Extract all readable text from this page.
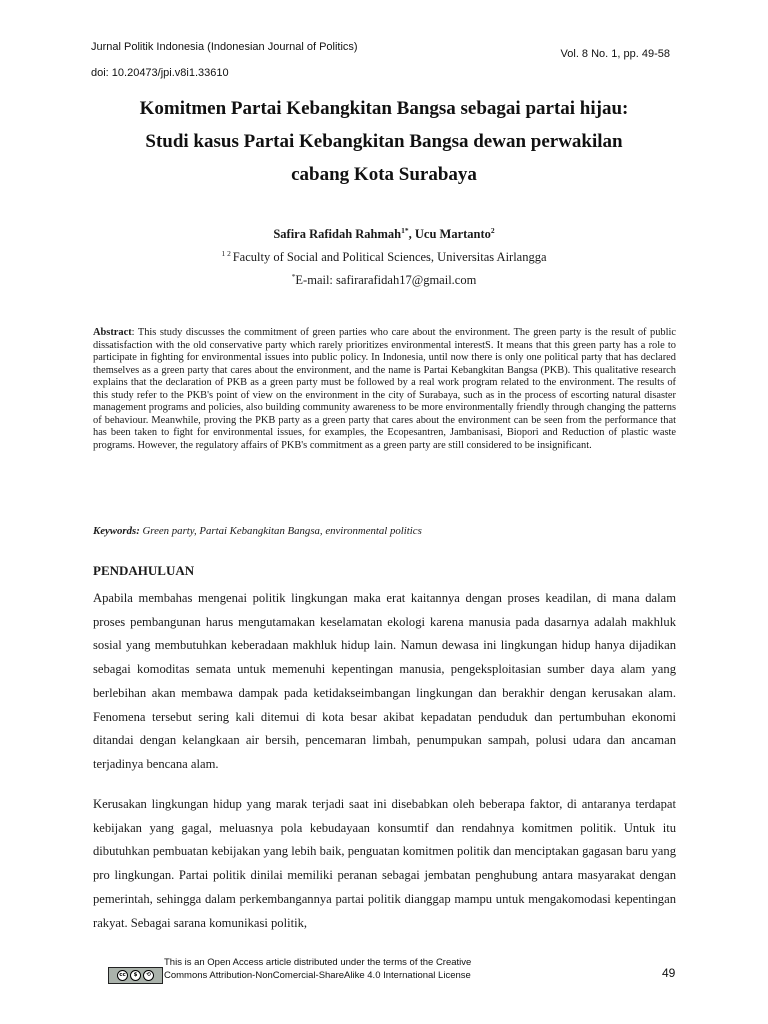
Jurnal Politik Indonesia (Indonesian Journal of Politics)
Vol. 8 No. 1, pp. 49-58
doi: 10.20473/jpi.v8i1.33610
Komitmen Partai Kebangkitan Bangsa sebagai partai hijau:
Studi kasus Partai Kebangkitan Bangsa dewan perwakilan
cabang Kota Surabaya
Safira Rafidah Rahmah$^{1*}$, Ucu Martanto$^2$
$^{1 2}$ Faculty of Social and Political Sciences, Universitas Airlangga
*E-mail: safirarafidah17@gmail.com
Abstract: This study discusses the commitment of green parties who care about the environment. The green party is the result of public dissatisfaction with the old conservative party which rarely prioritizes environmental interestS. It means that this green party has a role to participate in fighting for environmental issues into public policy. In Indonesia, until now there is only one political party that has declared themselves as a green party that cares about the environment, and the name is Partai Kebangkitan Bangsa (PKB). This qualitative research explains that the declaration of PKB as a green party must be followed by a real work program related to the environment. The results of this study refer to the PKB's point of view on the environment in the city of Surabaya, such as in the process of escorting natural disaster management programs and policies, also building community awareness to be more environmentally friendly through changing the patterns of behaviour. Meanwhile, proving the PKB party as a green party that cares about the environment can be seen from the performance that has been taken to fight for environmental issues, for examples, the Ecopesantren, Jambanisasi, Biopori and Reduction of plastic waste programs. However, the regulatory affairs of PKB's commitment as a green party are still considered to be insignificant.
Keywords: Green party, Partai Kebangkitan Bangsa, environmental politics
PENDAHULUAN
Apabila membahas mengenai politik lingkungan maka erat kaitannya dengan proses keadilan, di mana dalam proses pembangunan harus mengutamakan keselamatan ekologi karena manusia pada dasarnya adalah makhluk sosial yang membutuhkan keberadaan makhluk hidup lain. Namun dewasa ini lingkungan hidup hanya dijadikan sebagai komoditas semata untuk memenuhi kepentingan manusia, pengeksploitasian sumber daya alam yang berlebihan akan membawa dampak pada ketidakseimbangan lingkungan dan berakhir dengan kerusakan alam. Fenomena tersebut sering kali ditemui di kota besar akibat kepadatan penduduk dan pertumbuhan ekonomi ditandai dengan kelangkaan air bersih, pencemaran limbah, penumpukan sampah, polusi udara dan ancaman terjadinya bencana alam.
Kerusakan lingkungan hidup yang marak terjadi saat ini disebabkan oleh beberapa faktor, di antaranya terdapat kebijakan yang gagal, meluasnya pola kebudayaan konsumtif dan rendahnya komitmen politik. Untuk itu dibutuhkan pembuatan kebijakan yang lebih baik, penguatan komitmen politik dan menciptakan gagasan baru yang pro lingkungan. Partai politik dinilai memiliki peranan sebagai jembatan penghubung antara masyarakat dengan pemerintah, sehingga dalam perkembangannya partai politik dianggap mampu untuk mengakomodasi kepentingan rakyat. Sebagai sarana komunikasi politik,
cc	$	⟲
This is an Open Access article distributed under the terms of the Creative
Commons Attribution-NonComercial-ShareAlike 4.0 International License	49
